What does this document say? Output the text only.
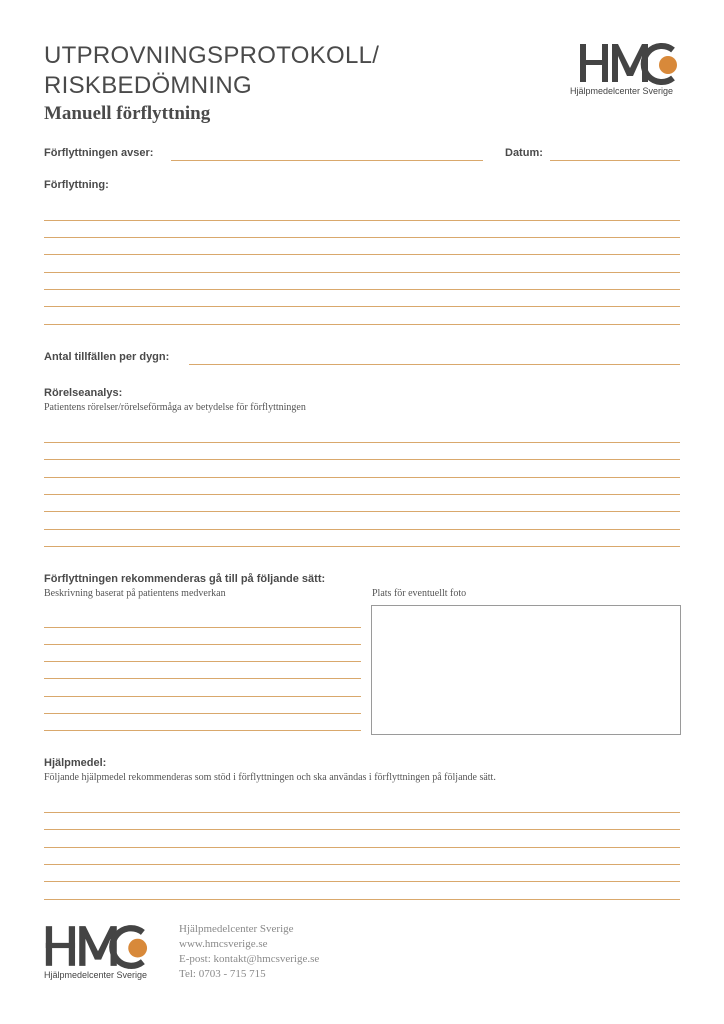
UTPROVNINGSPROTOKOLL/
RISKBEDÖMNING
Manuell förflyttning
Hjälpmedelcenter Sverige
Förflyttningen avser:	Datum:
Förflyttning:
Antal tillfällen per dygn:
Rörelseanalys:
Patientens rörelser/rörelseförmåga av betydelse för förflyttningen
Förflyttningen rekommenderas gå till på följande sätt:
Beskrivning baserat på patientens medverkan	Plats för eventuellt foto
Hjälpmedel:
Följande hjälpmedel rekommenderas som stöd i förflyttningen och ska användas i förflyttningen på följande sätt.
Hjälpmedelcenter Sverige
Hjälpmedelcenter Sverige
www.hmcsverige.se
E-post: kontakt@hmcsverige.se
Tel: 0703 - 715 715
